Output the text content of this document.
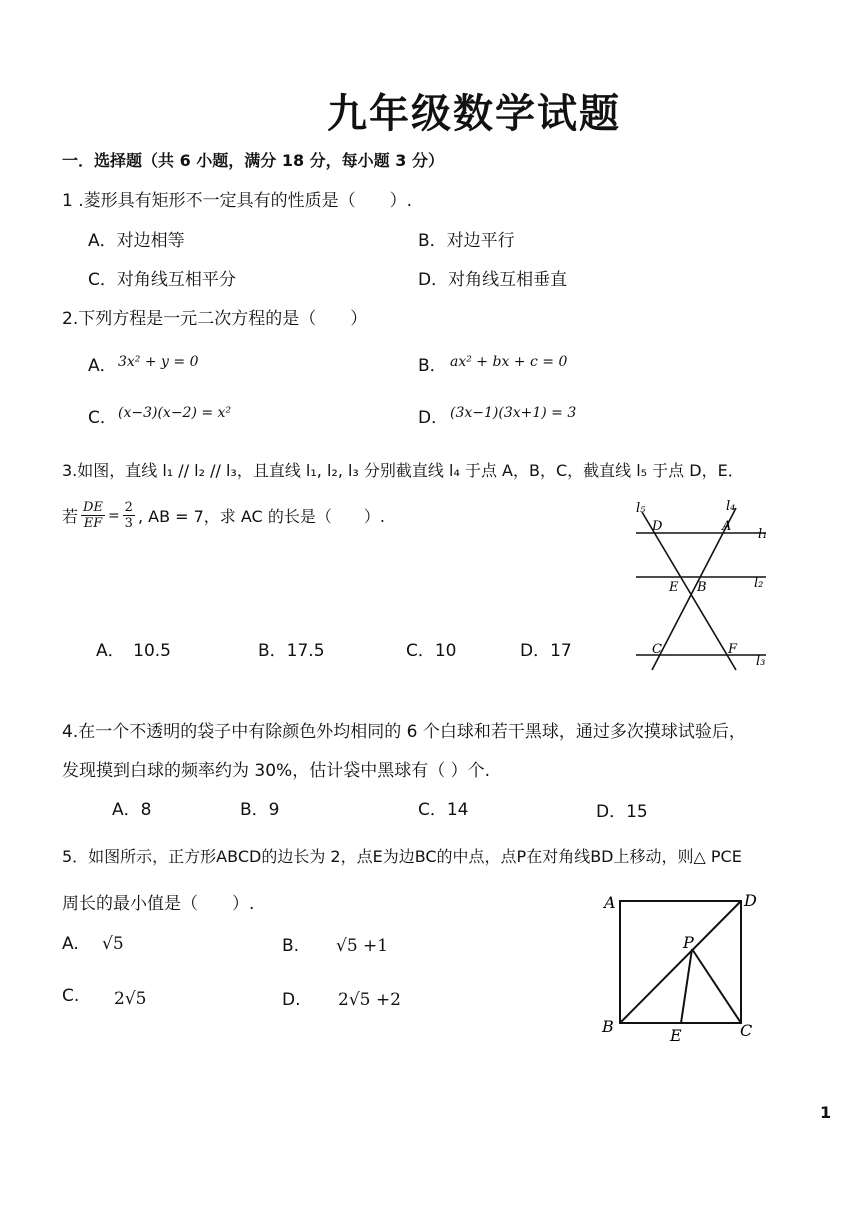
九年级数学试题
一．选择题（共 6 小题，满分 18 分，每小题 3 分）
1 .菱形具有矩形不一定具有的性质是（　　）.
A．对边相等	B．对边平行
C．对角线互相平分	D．对角线互相垂直
2.下列方程是一元二次方程的是（　　）
A． 3x² + y = 0	B． ax² + bx + c = 0
C． (x−3)(x−2) = x²	D． (3x−1)(3x+1) = 3
3.如图，直线 l₁ // l₂ // l₃，且直线 l₁, l₂, l₃ 分别截直线 l₄ 于点 A，B，C，截直线 l₅ 于点 D，E．
若 $\frac{DE}{EF} = \frac{2}{3}$ , AB = 7，求 AC 的长是（　　）.	l₅	l₄
l₁
l₂
l₃
D	A
E B
C	F
A．　10.5	B．17.5	C．10	D．17
4.在一个不透明的袋子中有除颜色外均相同的 6 个白球和若干黑球，通过多次摸球试验后，
发现摸到白球的频率约为 30%，估计袋中黑球有（ ）个.
A．8	B．9	C．14	D．15
5．如图所示，正方形ABCD的边长为 2，点E为边BC的中点，点P在对角线BD上移动，则△ PCE
周长的最小值是（　　）.
A. √5	B. √5 +1
C. 2√5	D. 2√5 +2
A	D
P
B	E	C
1
